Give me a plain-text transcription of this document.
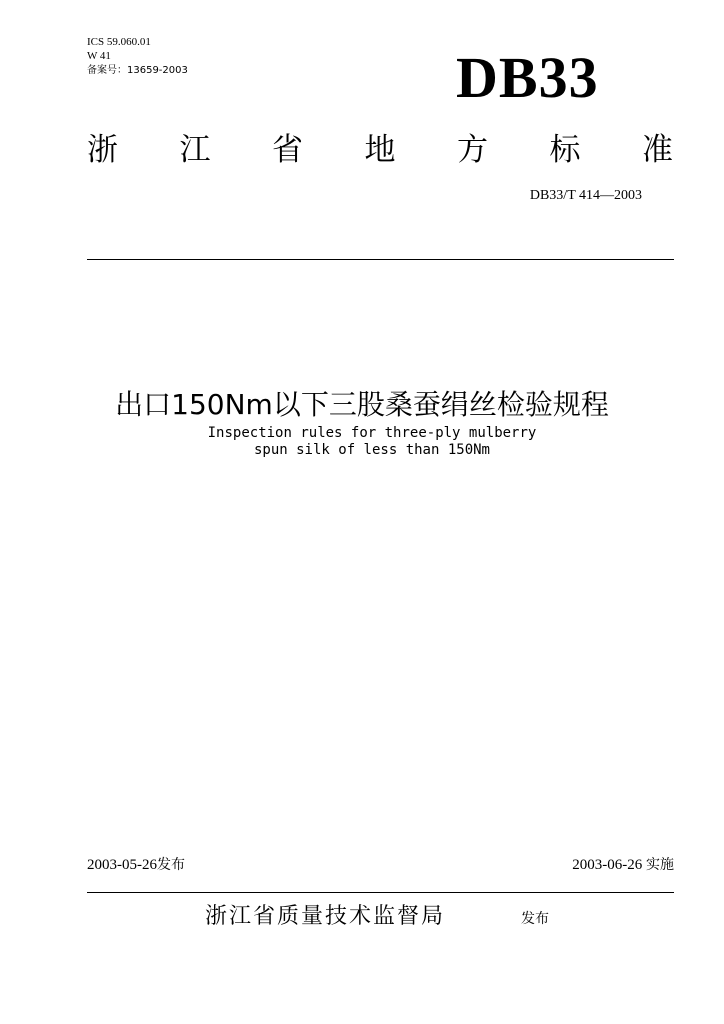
ICS 59.060.01
W 41
备案号：13659-2003	DB33
浙 江 省 地 方 标 准
DB33/T 414—2003
出口150Nm以下三股桑蚕绢丝检验规程
Inspection rules for three-ply mulberry
spun silk of less than 150Nm
2003-05-26发布	2003-06-26 实施
浙江省质量技术监督局	发布
